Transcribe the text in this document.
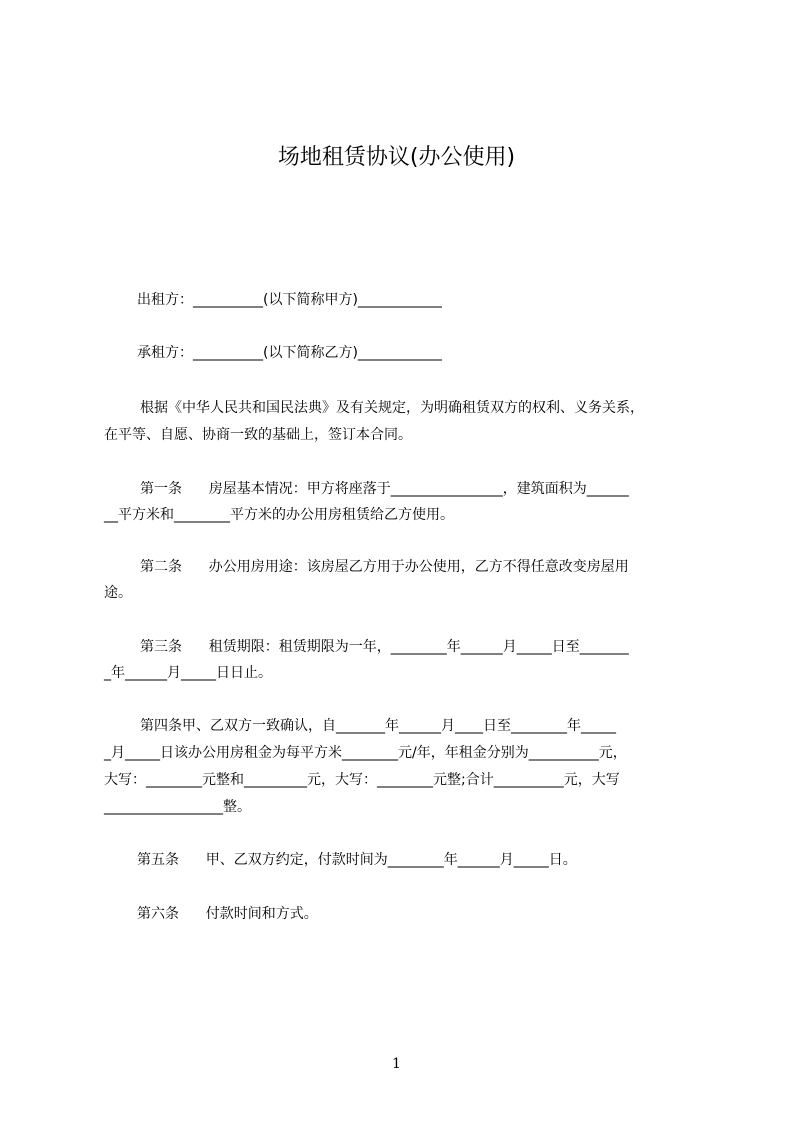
场地租赁协议(办公使用)
出租方：__________(以下简称甲方)____________
承租方：__________(以下简称乙方)____________
根据《中华人民共和国民法典》及有关规定，为明确租赁双方的权利、义务关系，
在平等、自愿、协商一致的基础上，签订本合同。
第一条      房屋基本情况：甲方将座落于________________，建筑面积为______
__平方米和________平方米的办公用房租赁给乙方使用。
第二条      办公用房用途：该房屋乙方用于办公使用，乙方不得任意改变房屋用
途。
第三条      租赁期限：租赁期限为一年，________年______月_____日至_______
_年______月_____日日止。
第四条甲、乙双方一致确认，自_______年______月____日至________年_____
_月_____日该办公用房租金为每平方米________元/年，年租金分别为__________元，
大写：________元整和_________元，大写：________元整;合计__________元，大写
_________________整。
第五条      甲、乙双方约定，付款时间为________年______月_____日。
第六条      付款时间和方式。
1
